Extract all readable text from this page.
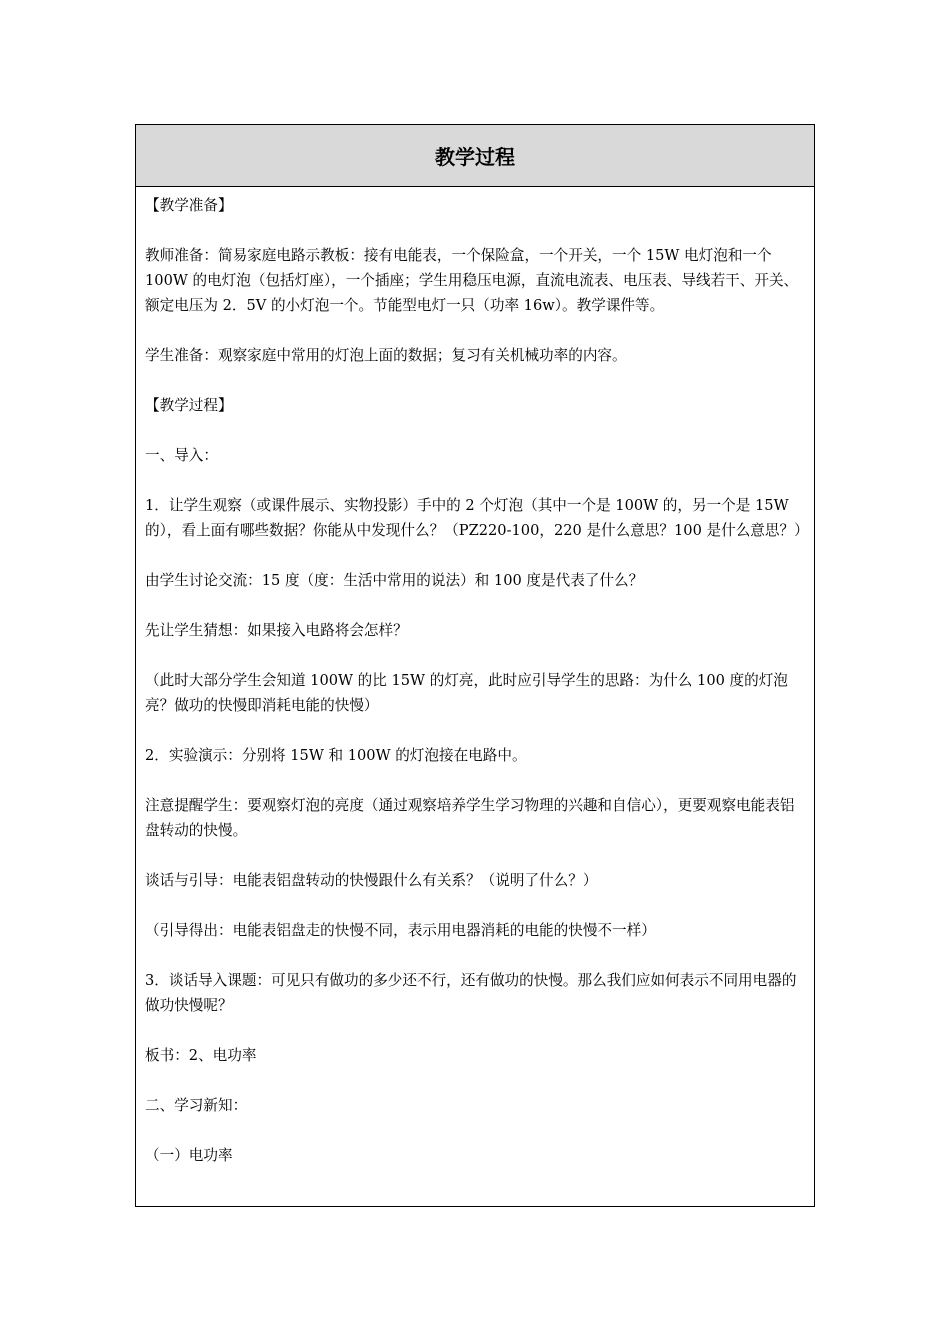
教学过程

【教学准备】

教师准备：简易家庭电路示教板：接有电能表，一个保险盒，一个开关，一个 15W 电灯泡和一个 100W 的电灯泡（包括灯座），一个插座；学生用稳压电源，直流电流表、电压表、导线若干、开关、额定电压为 2．5V 的小灯泡一个。节能型电灯一只（功率 16w）。教学课件等。

学生准备：观察家庭中常用的灯泡上面的数据；复习有关机械功率的内容。

【教学过程】

一、导入：

1．让学生观察（或课件展示、实物投影）手中的 2 个灯泡（其中一个是 100W 的，另一个是 15W 的），看上面有哪些数据？你能从中发现什么？（PZ220-100，220 是什么意思？100 是什么意思？）

由学生讨论交流：15 度（度：生活中常用的说法）和 100 度是代表了什么？

先让学生猜想：如果接入电路将会怎样？

（此时大部分学生会知道 100W 的比 15W 的灯亮，此时应引导学生的思路：为什么 100 度的灯泡亮？做功的快慢即消耗电能的快慢）

2．实验演示：分别将 15W 和 100W 的灯泡接在电路中。

注意提醒学生：要观察灯泡的亮度（通过观察培养学生学习物理的兴趣和自信心），更要观察电能表铝盘转动的快慢。

谈话与引导：电能表铝盘转动的快慢跟什么有关系？（说明了什么？）

（引导得出：电能表铝盘走的快慢不同，表示用电器消耗的电能的快慢不一样）

3．谈话导入课题：可见只有做功的多少还不行，还有做功的快慢。那么我们应如何表示不同用电器的做功快慢呢？

板书：2、电功率

二、学习新知：

（一）电功率
